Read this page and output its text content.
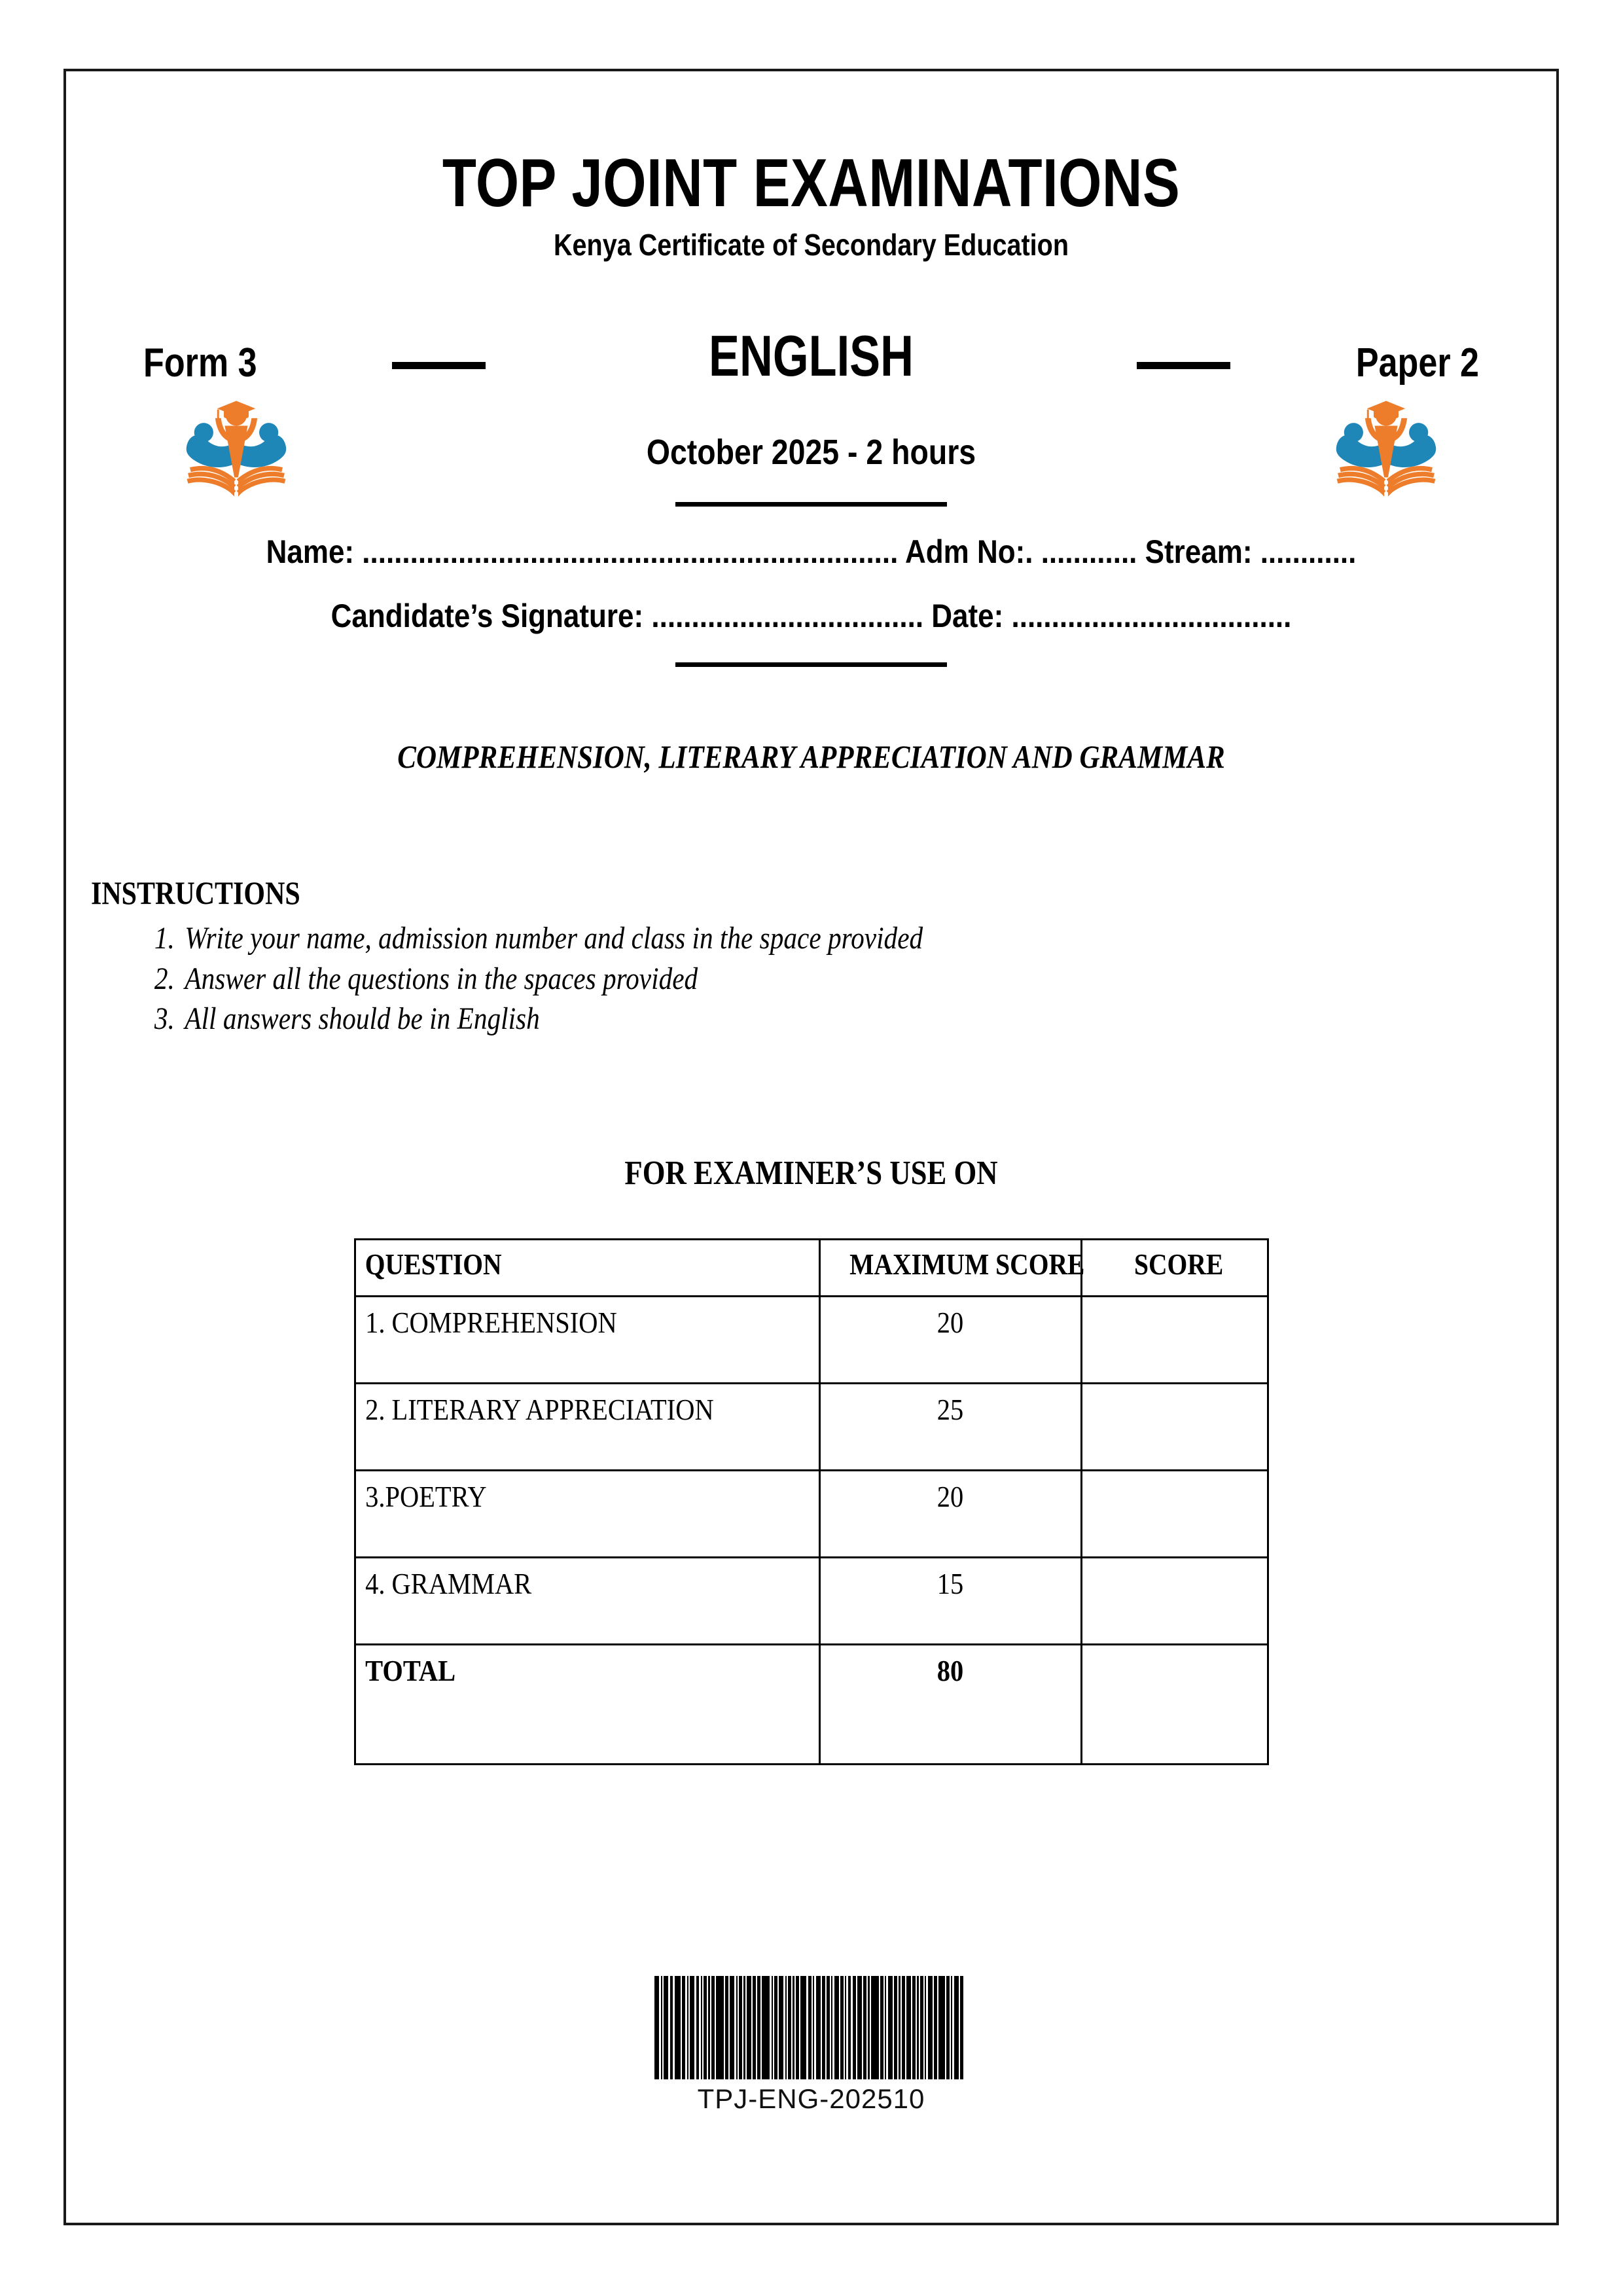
TOP JOINT EXAMINATIONS
Kenya Certificate of Secondary Education
Form 3	ENGLISH	Paper 2
October 2025 - 2 hours
Name: ................................................................... Adm No:. ............ Stream: ............
Candidate’s Signature: .................................. Date: ...................................
COMPREHENSION, LITERARY APPRECIATION AND GRAMMAR
INSTRUCTIONS
1. Write your name, admission number and class in the space provided
2. Answer all the questions in the spaces provided
3. All answers should be in English
FOR EXAMINER’S USE ON
QUESTION	MAXIMUM SCORE	SCORE
1. COMPREHENSION	20	
2. LITERARY APPRECIATION	25	
3.POETRY	20	
4. GRAMMAR	15	
TOTAL	80	
TPJ-ENG-202510
